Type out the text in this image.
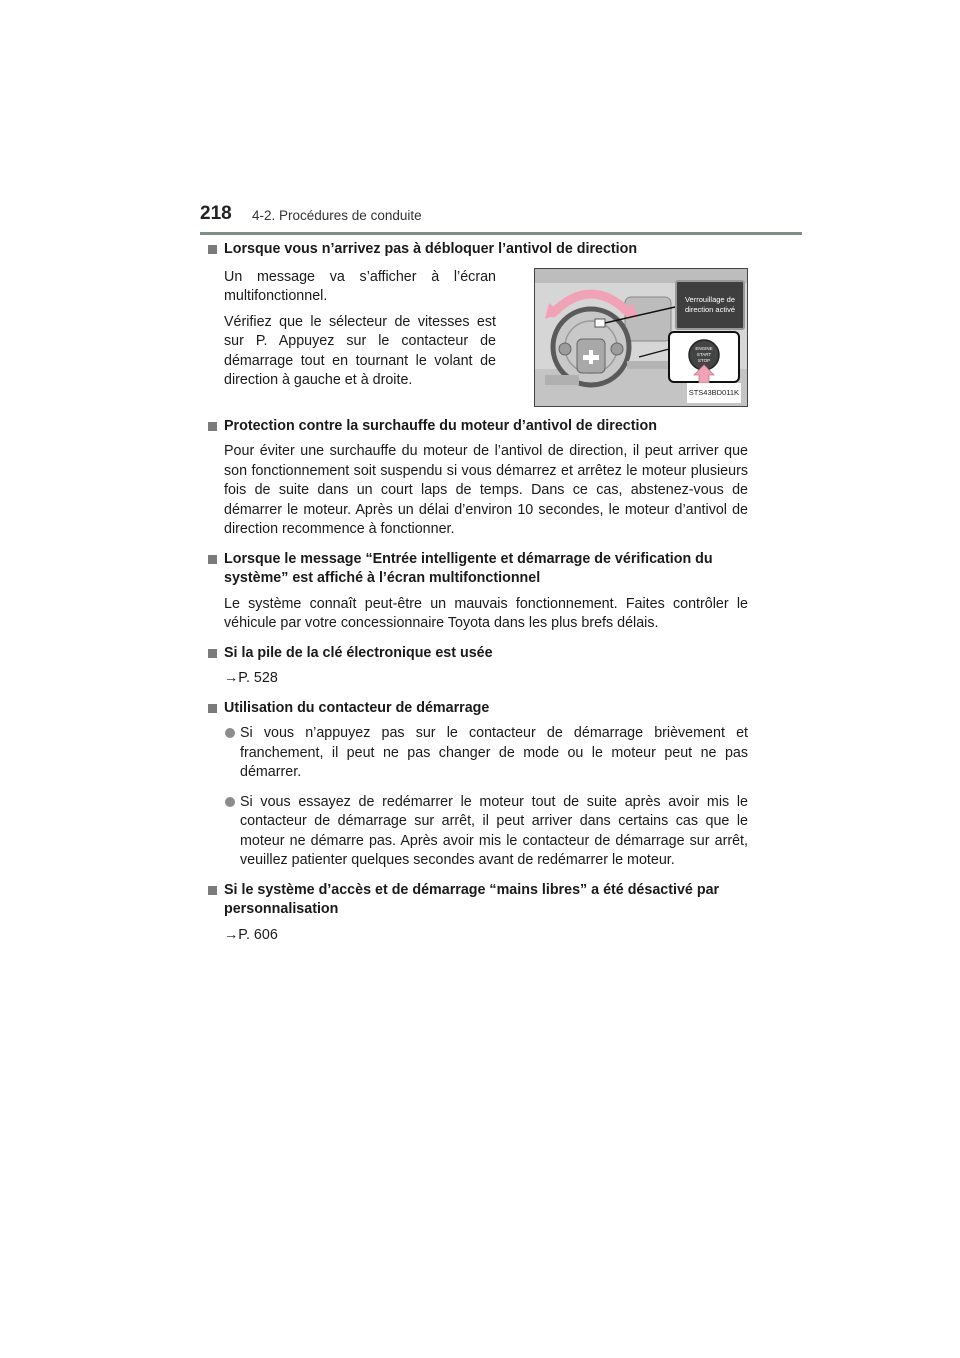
218 4-2. Procédures de conduite

Lorsque vous n’arrivez pas à débloquer l’antivol de direction

Un message va s’afficher à l’écran multifonctionnel.

Vérifiez que le sélecteur de vitesses est sur P. Appuyez sur le contacteur de démarrage tout en tournant le volant de direction à gauche et à droite.

ENGINE
START
STOP
Verrouillage de direction activé
STS43BD011K

Protection contre la surchauffe du moteur d’antivol de direction

Pour éviter une surchauffe du moteur de l’antivol de direction, il peut arriver que son fonctionnement soit suspendu si vous démarrez et arrêtez le moteur plusieurs fois de suite dans un court laps de temps. Dans ce cas, abstenez-vous de démarrer le moteur. Après un délai d’environ 10 secondes, le moteur d’antivol de direction recommence à fonctionner.

Lorsque le message “Entrée intelligente et démarrage de vérification du système” est affiché à l’écran multifonctionnel

Le système connaît peut-être un mauvais fonctionnement. Faites contrôler le véhicule par votre concessionnaire Toyota dans les plus brefs délais.

Si la pile de la clé électronique est usée

→P. 528

Utilisation du contacteur de démarrage

Si vous n’appuyez pas sur le contacteur de démarrage brièvement et franchement, il peut ne pas changer de mode ou le moteur peut ne pas démarrer.

Si vous essayez de redémarrer le moteur tout de suite après avoir mis le contacteur de démarrage sur arrêt, il peut arriver dans certains cas que le moteur ne démarre pas. Après avoir mis le contacteur de démarrage sur arrêt, veuillez patienter quelques secondes avant de redémarrer le moteur.

Si le système d’accès et de démarrage “mains libres” a été désactivé par personnalisation

→P. 606
